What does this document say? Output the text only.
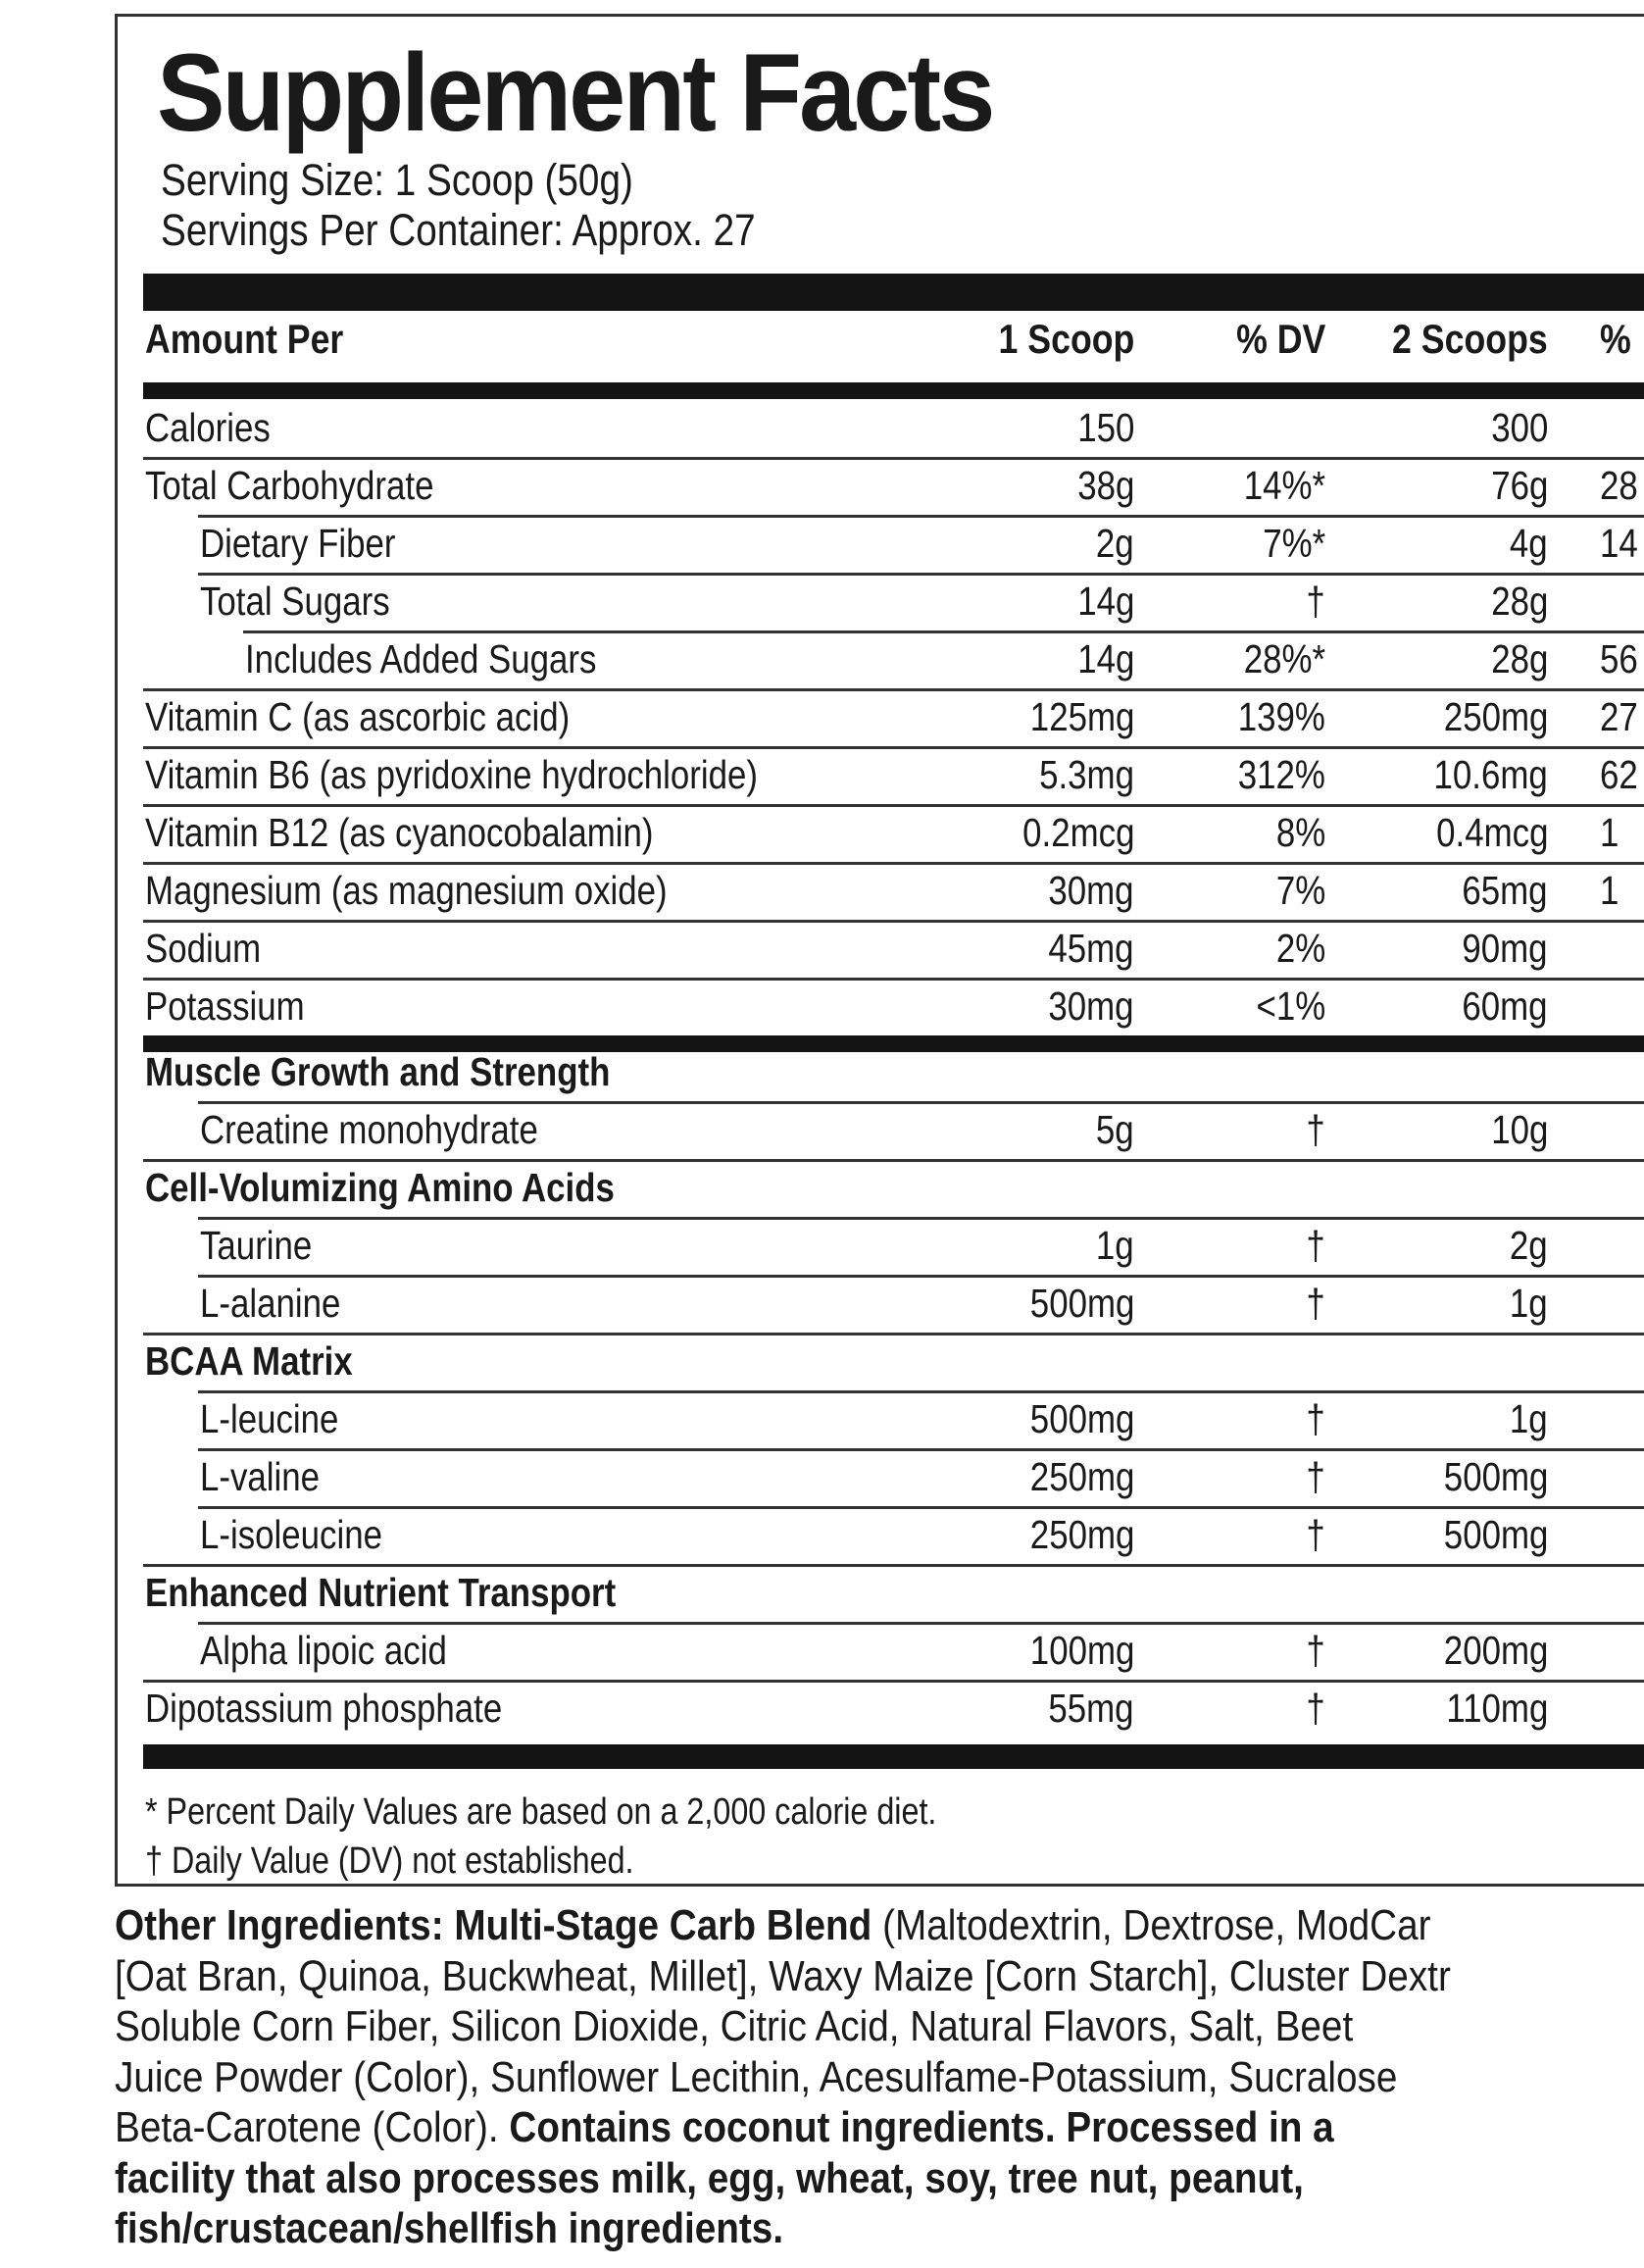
Supplement Facts
Serving Size: 1 Scoop (50g)
Servings Per Container: Approx. 27
Amount Per	1 Scoop % DV 2 Scoops %
Calories	150	300
Total Carbohydrate	38g	14%*	76g 28
Dietary Fiber	2g	7%*	4g 14
Total Sugars	14g	†	28g
Includes Added Sugars	14g	28%*	28g 56
Vitamin C (as ascorbic acid)	125mg	139%	250mg 27
Vitamin B6 (as pyridoxine hydrochloride)	5.3mg	312%	10.6mg 62
Vitamin B12 (as cyanocobalamin)	0.2mcg	8%	0.4mcg 1
Magnesium (as magnesium oxide)	30mg	7%	65mg 1
Sodium	45mg	2%	90mg
Potassium	30mg	<1%	60mg
Muscle Growth and Strength
Creatine monohydrate	5g	†	10g
Cell-Volumizing Amino Acids
Taurine	1g	†	2g
L-alanine	500mg	†	1g
BCAA Matrix
L-leucine	500mg	†	1g
L-valine	250mg	†	500mg
L-isoleucine	250mg	†	500mg
Enhanced Nutrient Transport
Alpha lipoic acid	100mg	†	200mg
Dipotassium phosphate	55mg	†	110mg
* Percent Daily Values are based on a 2,000 calorie diet.
† Daily Value (DV) not established.
Other Ingredients: Multi-Stage Carb Blend (Maltodextrin, Dextrose, ModCar
[Oat Bran, Quinoa, Buckwheat, Millet], Waxy Maize [Corn Starch], Cluster Dextr
Soluble Corn Fiber, Silicon Dioxide, Citric Acid, Natural Flavors, Salt, Beet
Juice Powder (Color), Sunflower Lecithin, Acesulfame-Potassium, Sucralose
Beta-Carotene (Color). Contains coconut ingredients. Processed in a
facility that also processes milk, egg, wheat, soy, tree nut, peanut,
fish/crustacean/shellfish ingredients.
